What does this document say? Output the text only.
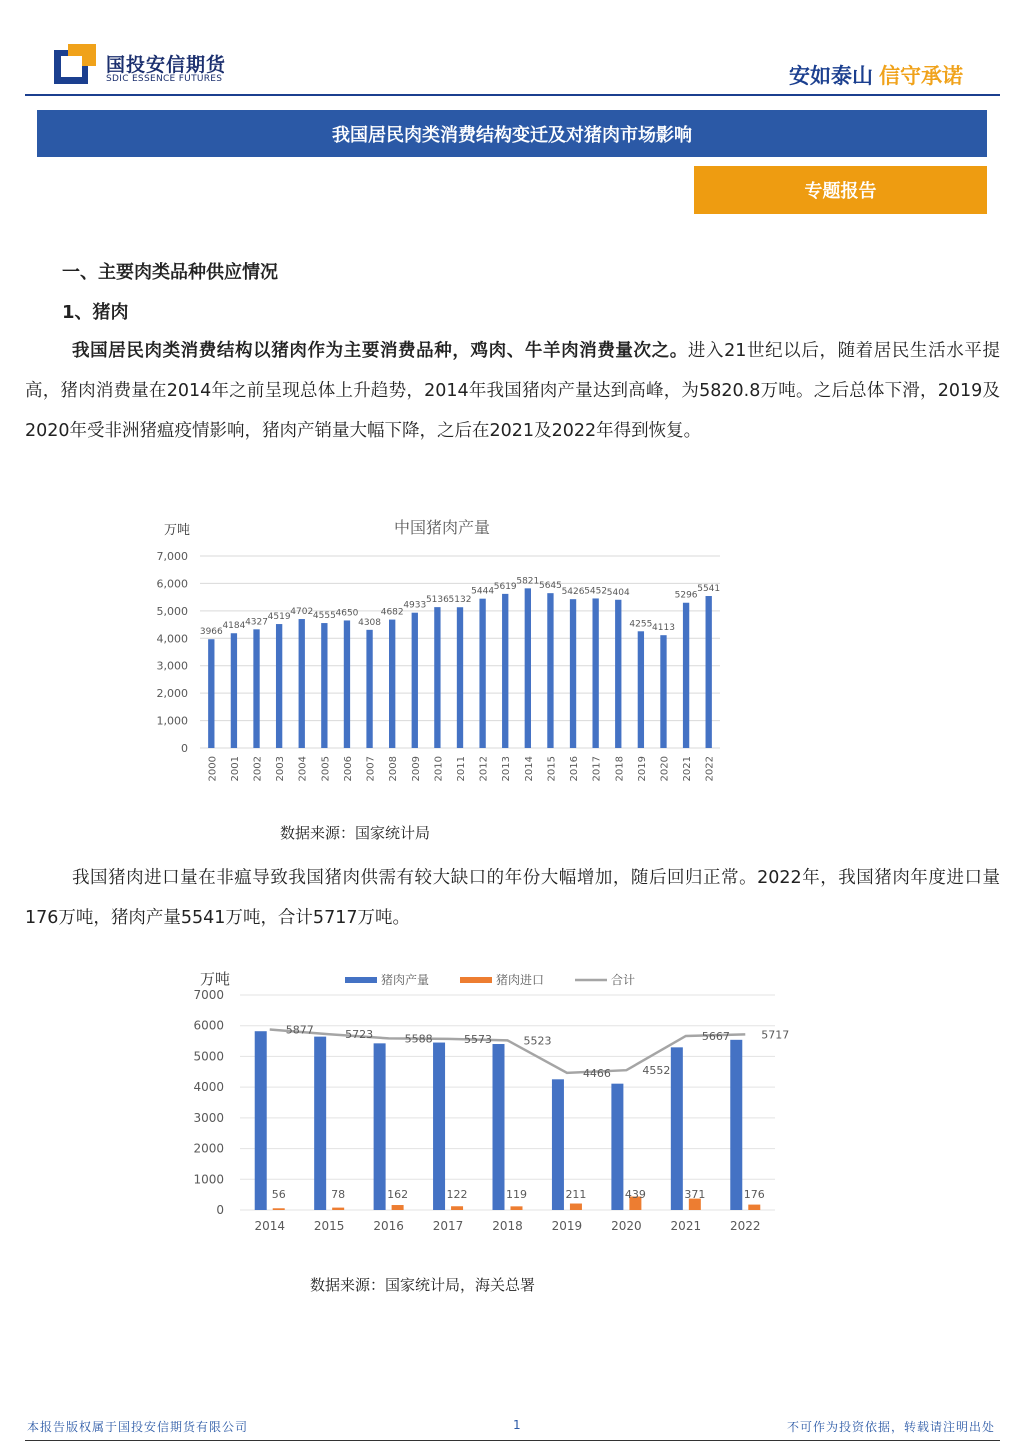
国投安信期货
SDIC ESSENCE FUTURES	安如泰山 信守承诺
我国居民肉类消费结构变迁及对猪肉市场影响
专题报告
一、主要肉类品种供应情况
1、猪肉
我国居民肉类消费结构以猪肉作为主要消费品种，鸡肉、牛羊肉消费量次之。进入21世纪以后，随着居民生活水平提高，猪肉消费量在2014年之前呈现总体上升趋势，2014年我国猪肉产量达到高峰，为5820.8万吨。之后总体下滑，2019及2020年受非洲猪瘟疫情影响，猪肉产销量大幅下降，之后在2021及2022年得到恢复。
中国猪肉产量
万吨
3966
4184 4327
4519
4702 4555 4650
4308
4682
4933
5136 5132
5444 5619
5821 5645
5426 5452 5404
4255 4113
5296
5541
0
1,000
2,000
3,000
4,000
5,000
6,000
7,000
2000 2001 2002 2003 2004 2005 2006 2007 2008 2009 2010 2011 2012 2013 2014 2015 2016 2017 2018 2019 2020 2021 2022
数据来源：国家统计局
我国猪肉进口量在非瘟导致我国猪肉供需有较大缺口的年份大幅增加，随后回归正常。2022年，我国猪肉年度进口量176万吨，猪肉产量5541万吨，合计5717万吨。
万吨	猪肉产量	猪肉进口	合计
56
5877
78
5723
162
5588
122
5573
119
5523
211
4466
439
4552
371
5667
176
5717
0
1000
2000
3000
4000
5000
6000
7000
2014 2015 2016 2017 2018 2019 2020 2021 2022
数据来源：国家统计局，海关总署
本报告版权属于国投安信期货有限公司	1	不可作为投资依据，转载请注明出处
